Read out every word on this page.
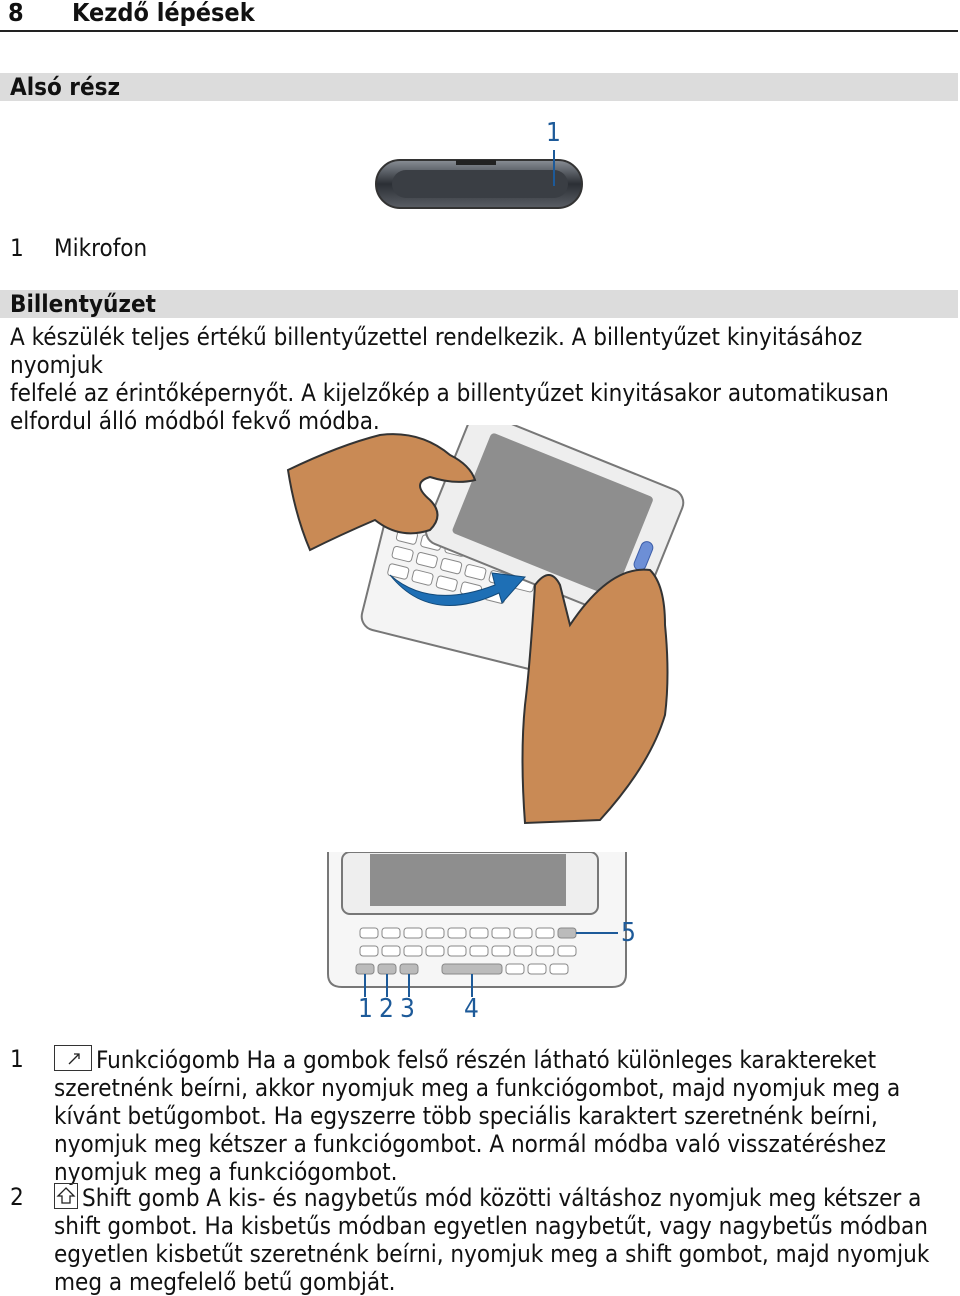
8 Kezdő lépések
Alsó rész
1
1 Mikrofon
Billentyűzet
A készülék teljes értékű billentyűzettel rendelkezik. A billentyűzet kinyitásához nyomjuk
felfelé az érintőképernyőt. A kijelzőkép a billentyűzet kinyitásakor automatikusan
elfordul álló módból fekvő módba.
1 2 3 4
5
1	Funkciógomb Ha a gombok felső részén látható különleges karaktereket
szeretnénk beírni, akkor nyomjuk meg a funkciógombot, majd nyomjuk meg a
kívánt betűgombot. Ha egyszerre több speciális karaktert szeretnénk beírni,
nyomjuk meg kétszer a funkciógombot. A normál módba való visszatéréshez
nyomjuk meg a funkciógombot.
2	Shift gomb A kis- és nagybetűs mód közötti váltáshoz nyomjuk meg kétszer a
shift gombot. Ha kisbetűs módban egyetlen nagybetűt, vagy nagybetűs módban
egyetlen kisbetűt szeretnénk beírni, nyomjuk meg a shift gombot, majd nyomjuk
meg a megfelelő betű gombját.
